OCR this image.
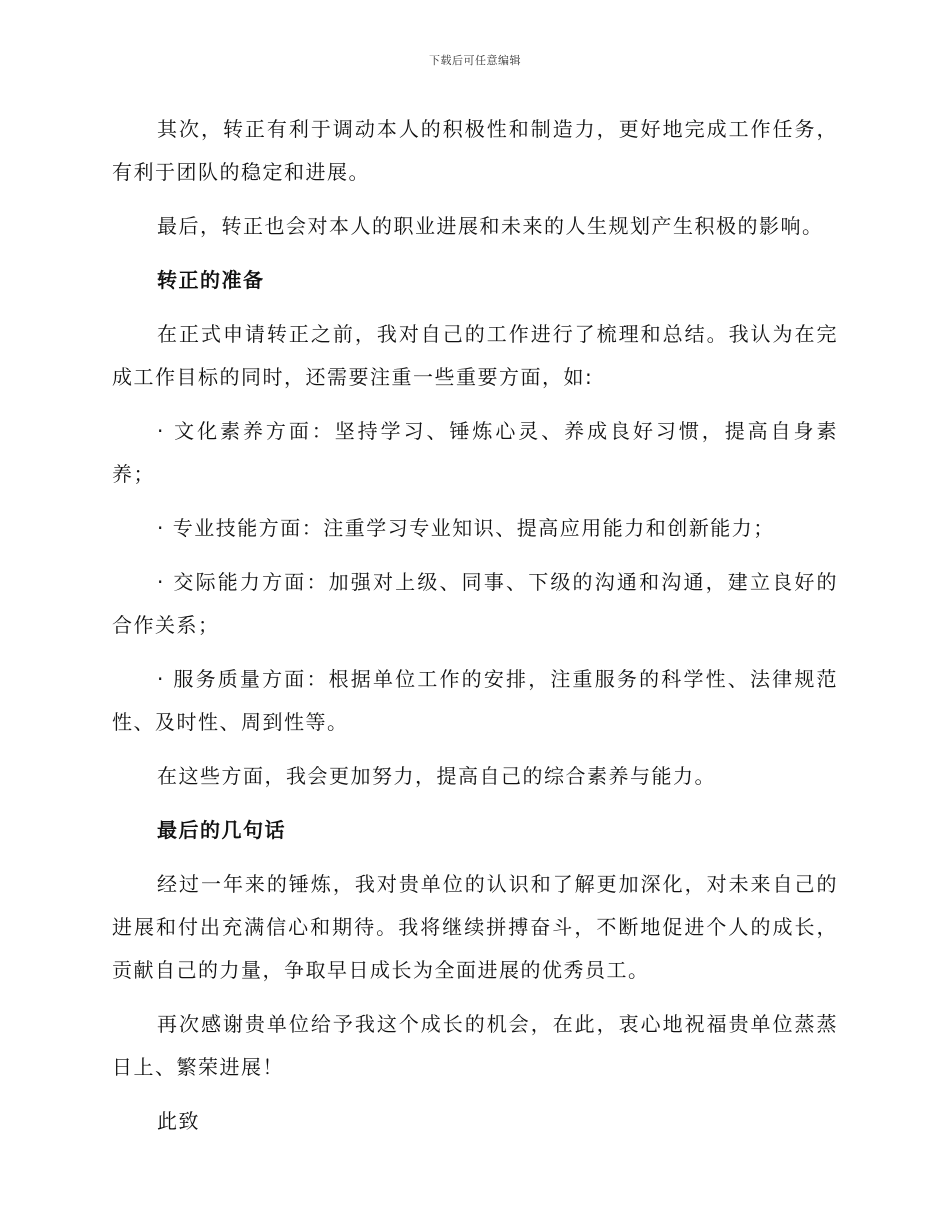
下载后可任意编辑

其次，转正有利于调动本人的积极性和制造力，更好地完成工作任务，有利于团队的稳定和进展。

最后，转正也会对本人的职业进展和未来的人生规划产生积极的影响。

转正的准备

在正式申请转正之前，我对自己的工作进行了梳理和总结。我认为在完成工作目标的同时，还需要注重一些重要方面，如:

· 文化素养方面：坚持学习、锤炼心灵、养成良好习惯，提高自身素养；

· 专业技能方面：注重学习专业知识、提高应用能力和创新能力；

· 交际能力方面：加强对上级、同事、下级的沟通和沟通，建立良好的合作关系；

· 服务质量方面：根据单位工作的安排，注重服务的科学性、法律规范性、及时性、周到性等。

在这些方面，我会更加努力，提高自己的综合素养与能力。

最后的几句话

经过一年来的锤炼，我对贵单位的认识和了解更加深化，对未来自己的进展和付出充满信心和期待。我将继续拼搏奋斗，不断地促进个人的成长，贡献自己的力量，争取早日成长为全面进展的优秀员工。

再次感谢贵单位给予我这个成长的机会，在此，衷心地祝福贵单位蒸蒸日上、繁荣进展！

此致
